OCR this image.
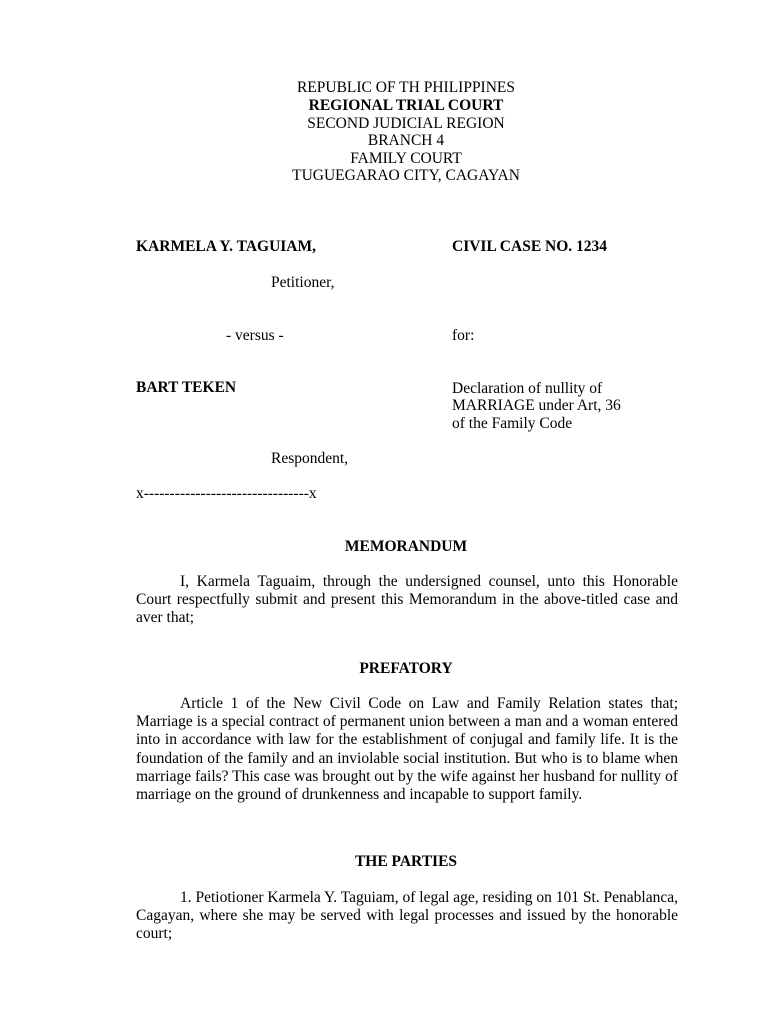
REPUBLIC OF TH PHILIPPINES
REGIONAL TRIAL COURT
SECOND JUDICIAL REGION
BRANCH 4
FAMILY COURT
TUGUEGARAO CITY, CAGAYAN
KARMELA Y. TAGUIAM,	CIVIL CASE NO. 1234
Petitioner,
- versus -	for:
BART TEKEN	Declaration of nullity of
MARRIAGE under Art, 36
of the Family Code
Respondent,
x--------------------------------x
MEMORANDUM
I, Karmela Taguaim, through the undersigned counsel, unto this Honorable Court respectfully submit and present this Memorandum in the above-titled case and aver that;
PREFATORY
Article 1 of the New Civil Code on Law and Family Relation states that; Marriage is a special contract of permanent union between a man and a woman entered into in accordance with law for the establishment of conjugal and family life. It is the foundation of the family and an inviolable social institution. But who is to blame when marriage fails? This case was brought out by the wife against her husband for nullity of marriage on the ground of drunkenness and incapable to support family.
THE PARTIES
1. Petiotioner Karmela Y. Taguiam, of legal age, residing on 101 St. Penablanca, Cagayan, where she may be served with legal processes and issued by the honorable court;
